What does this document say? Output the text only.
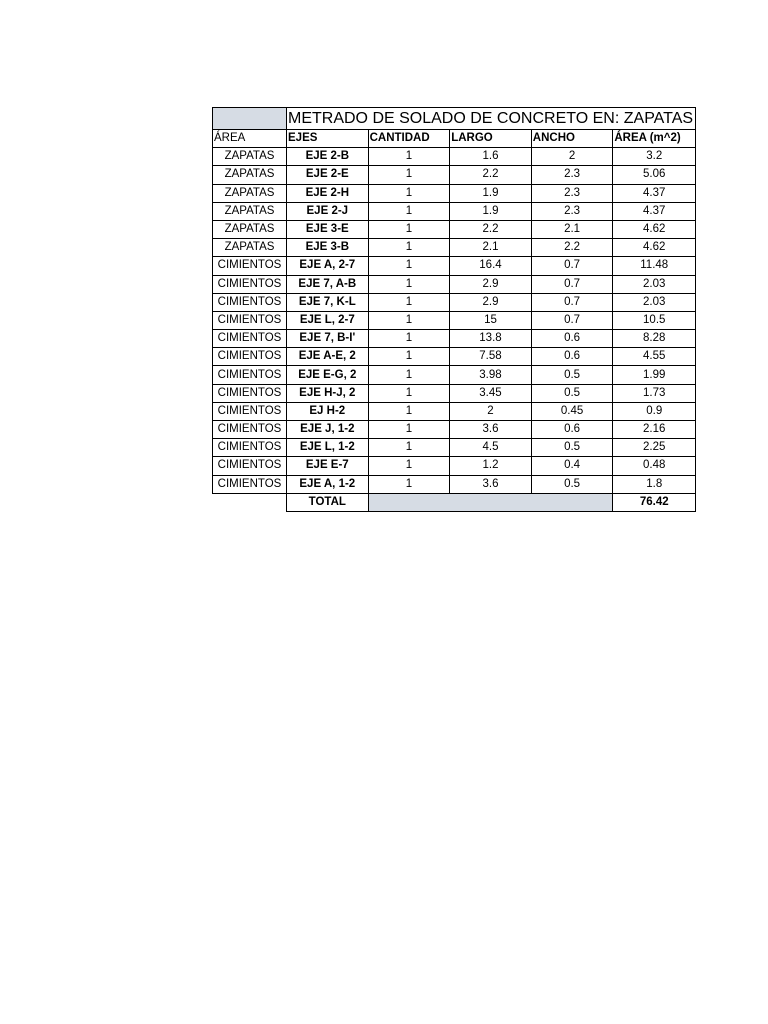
	METRADO DE SOLADO DE CONCRETO EN: ZAPATAS				
ÁREA	EJES	CANTIDAD	LARGO	ANCHO	ÁREA (m^2)
ZAPATAS	EJE 2-B	1	1.6	2	3.2
ZAPATAS	EJE 2-E	1	2.2	2.3	5.06
ZAPATAS	EJE 2-H	1	1.9	2.3	4.37
ZAPATAS	EJE 2-J	1	1.9	2.3	4.37
ZAPATAS	EJE 3-E	1	2.2	2.1	4.62
ZAPATAS	EJE 3-B	1	2.1	2.2	4.62
CIMIENTOS	EJE A, 2-7	1	16.4	0.7	11.48
CIMIENTOS	EJE 7, A-B	1	2.9	0.7	2.03
CIMIENTOS	EJE 7, K-L	1	2.9	0.7	2.03
CIMIENTOS	EJE L, 2-7	1	15	0.7	10.5
CIMIENTOS	EJE 7, B-I'	1	13.8	0.6	8.28
CIMIENTOS	EJE A-E, 2	1	7.58	0.6	4.55
CIMIENTOS	EJE E-G, 2	1	3.98	0.5	1.99
CIMIENTOS	EJE H-J, 2	1	3.45	0.5	1.73
CIMIENTOS	EJ H-2	1	2	0.45	0.9
CIMIENTOS	EJE J, 1-2	1	3.6	0.6	2.16
CIMIENTOS	EJE L, 1-2	1	4.5	0.5	2.25
CIMIENTOS	EJE E-7	1	1.2	0.4	0.48
CIMIENTOS	EJE A, 1-2	1	3.6	0.5	1.8
	TOTAL				76.42
